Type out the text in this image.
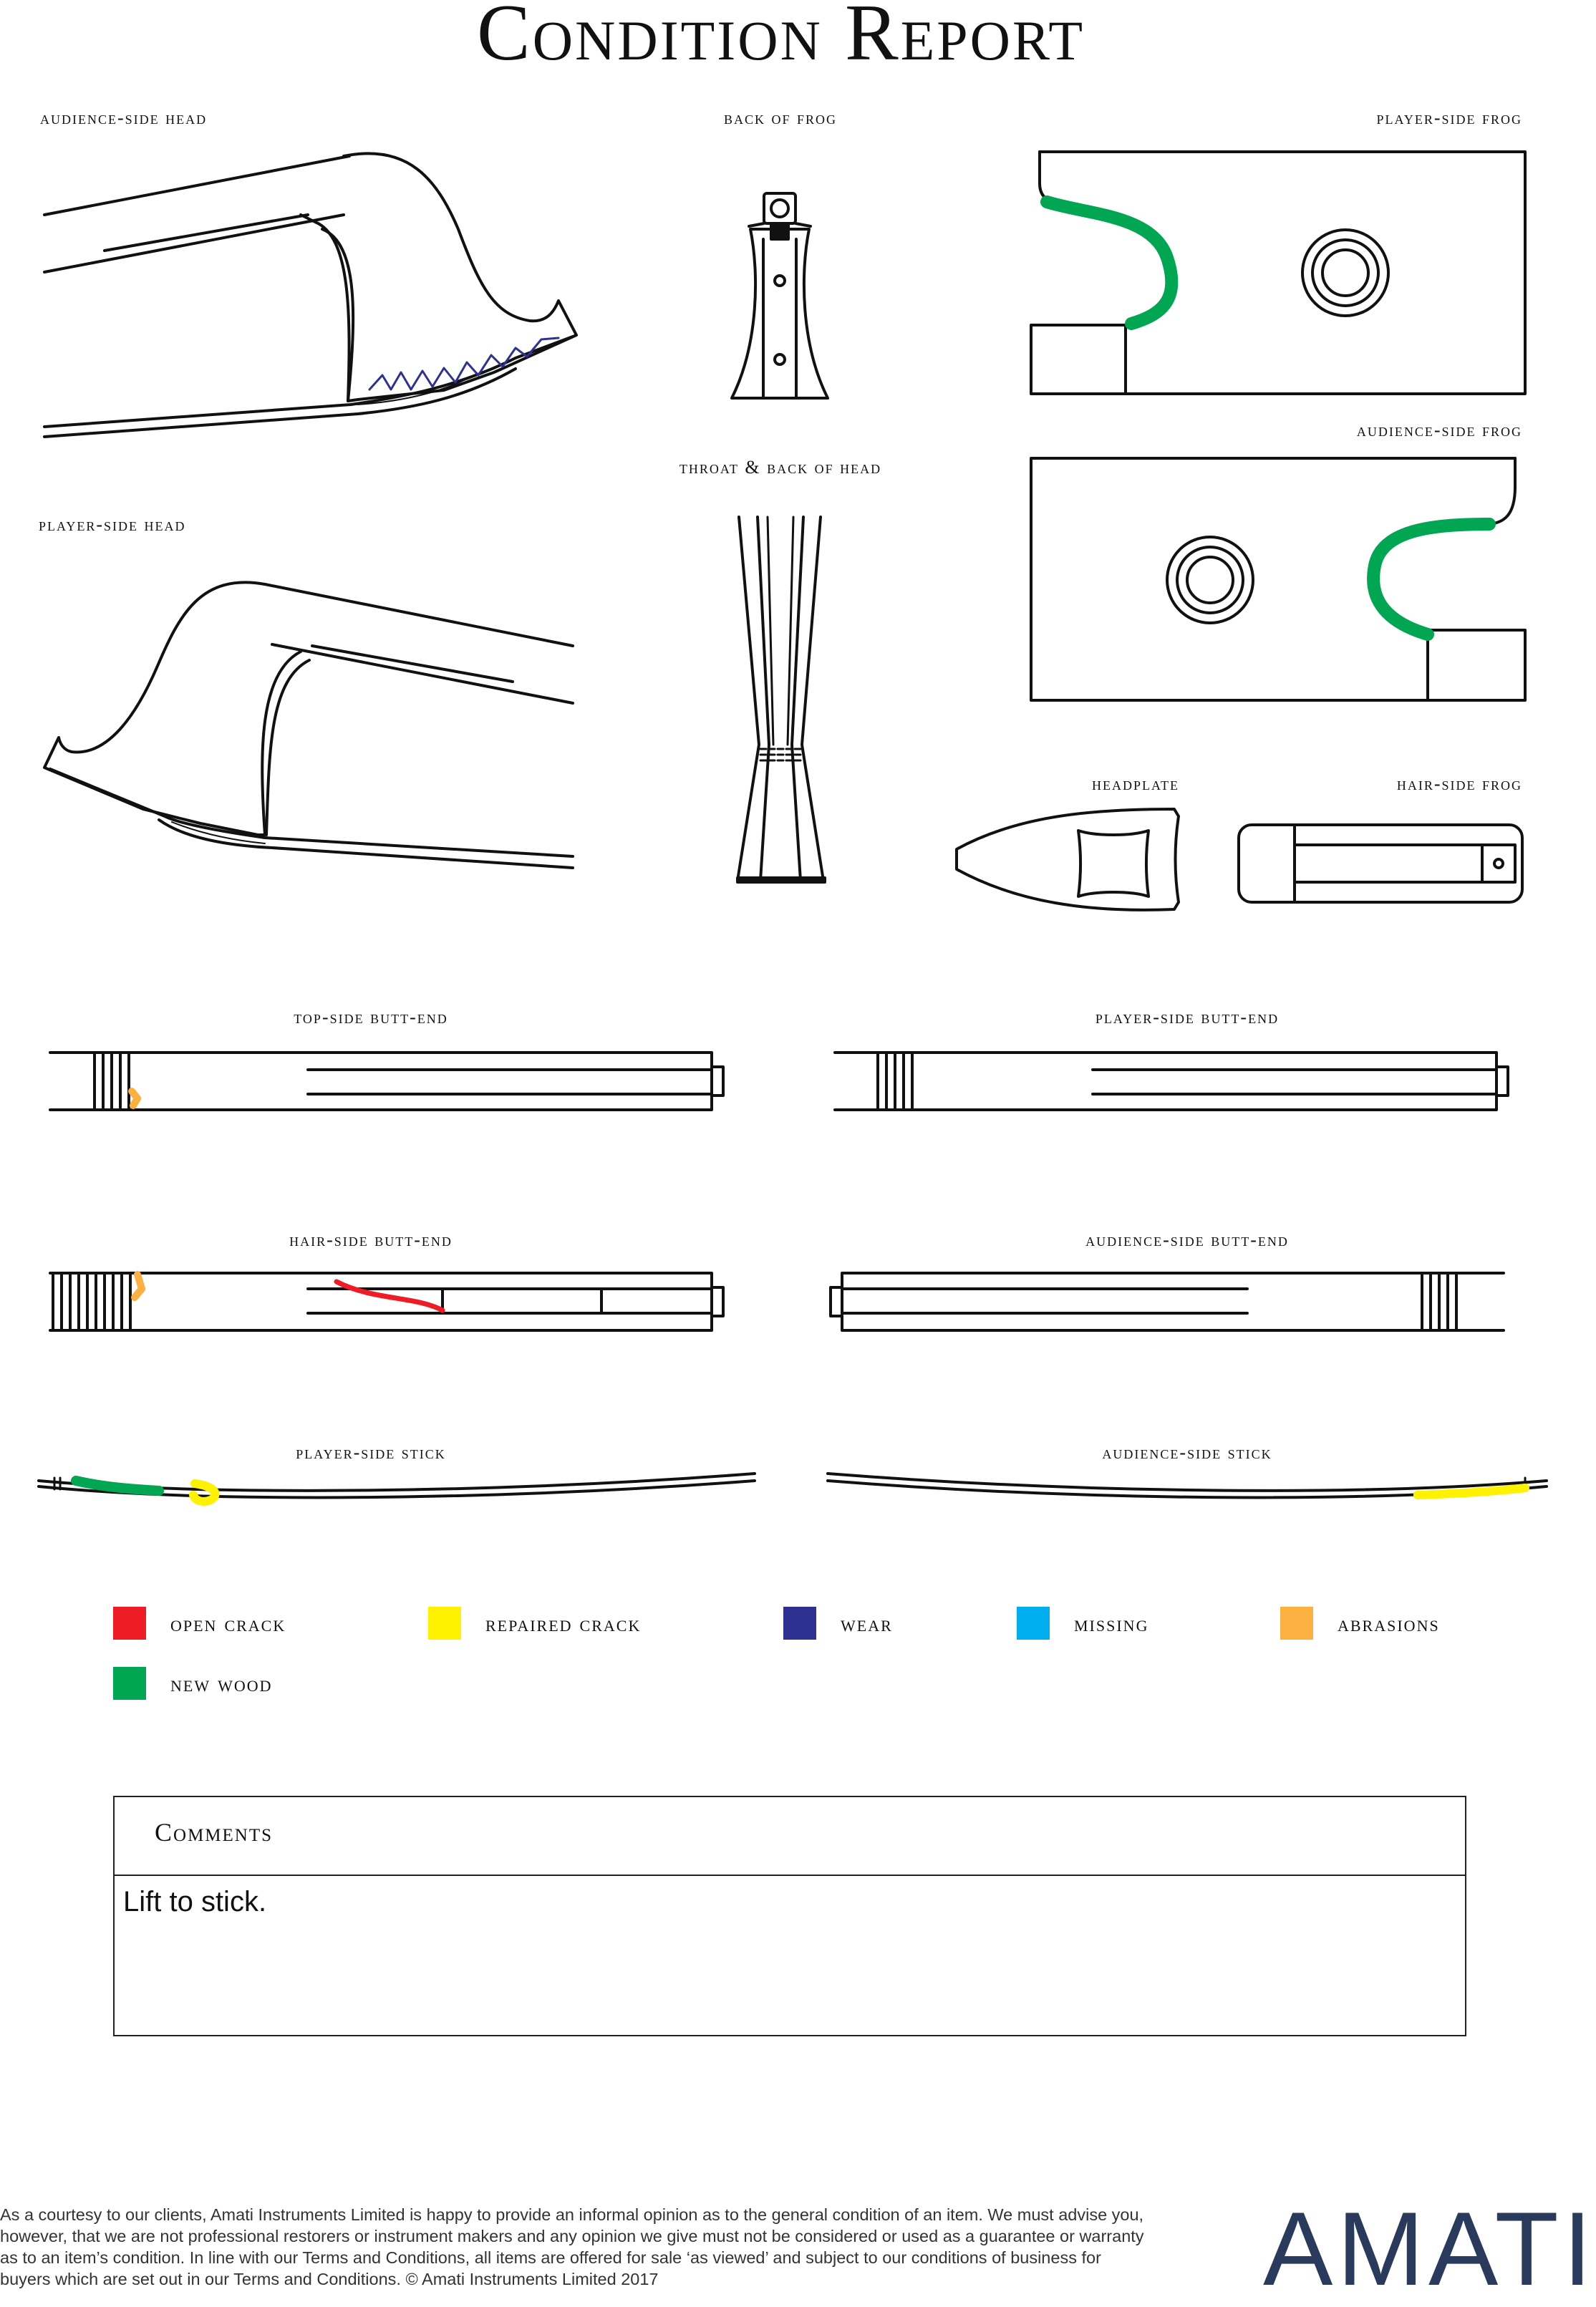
Condition Report
audience-side head	back of frog	player-side frog
audience-side frog
throat & back of head
player-side head
headplate	hair-side frog
top-side butt-end	player-side butt-end
hair-side butt-end	audience-side butt-end
player-side stick	audience-side stick
open crack	repaired crack	wear	missing	abrasions
new wood
Comments
Lift to stick.
As a courtesy to our clients, Amati Instruments Limited is happy to provide an informal opinion as to the general condition of an item. We must advise you, however, that we are not professional restorers or instrument makers and any opinion we give must not be considered or used as a guarantee or warranty as to an item’s condition. In line with our Terms and Conditions, all items are offered for sale ‘as viewed’ and subject to our conditions of business for buyers which are set out in our Terms and Conditions. © Amati Instruments Limited 2017	AMATI
